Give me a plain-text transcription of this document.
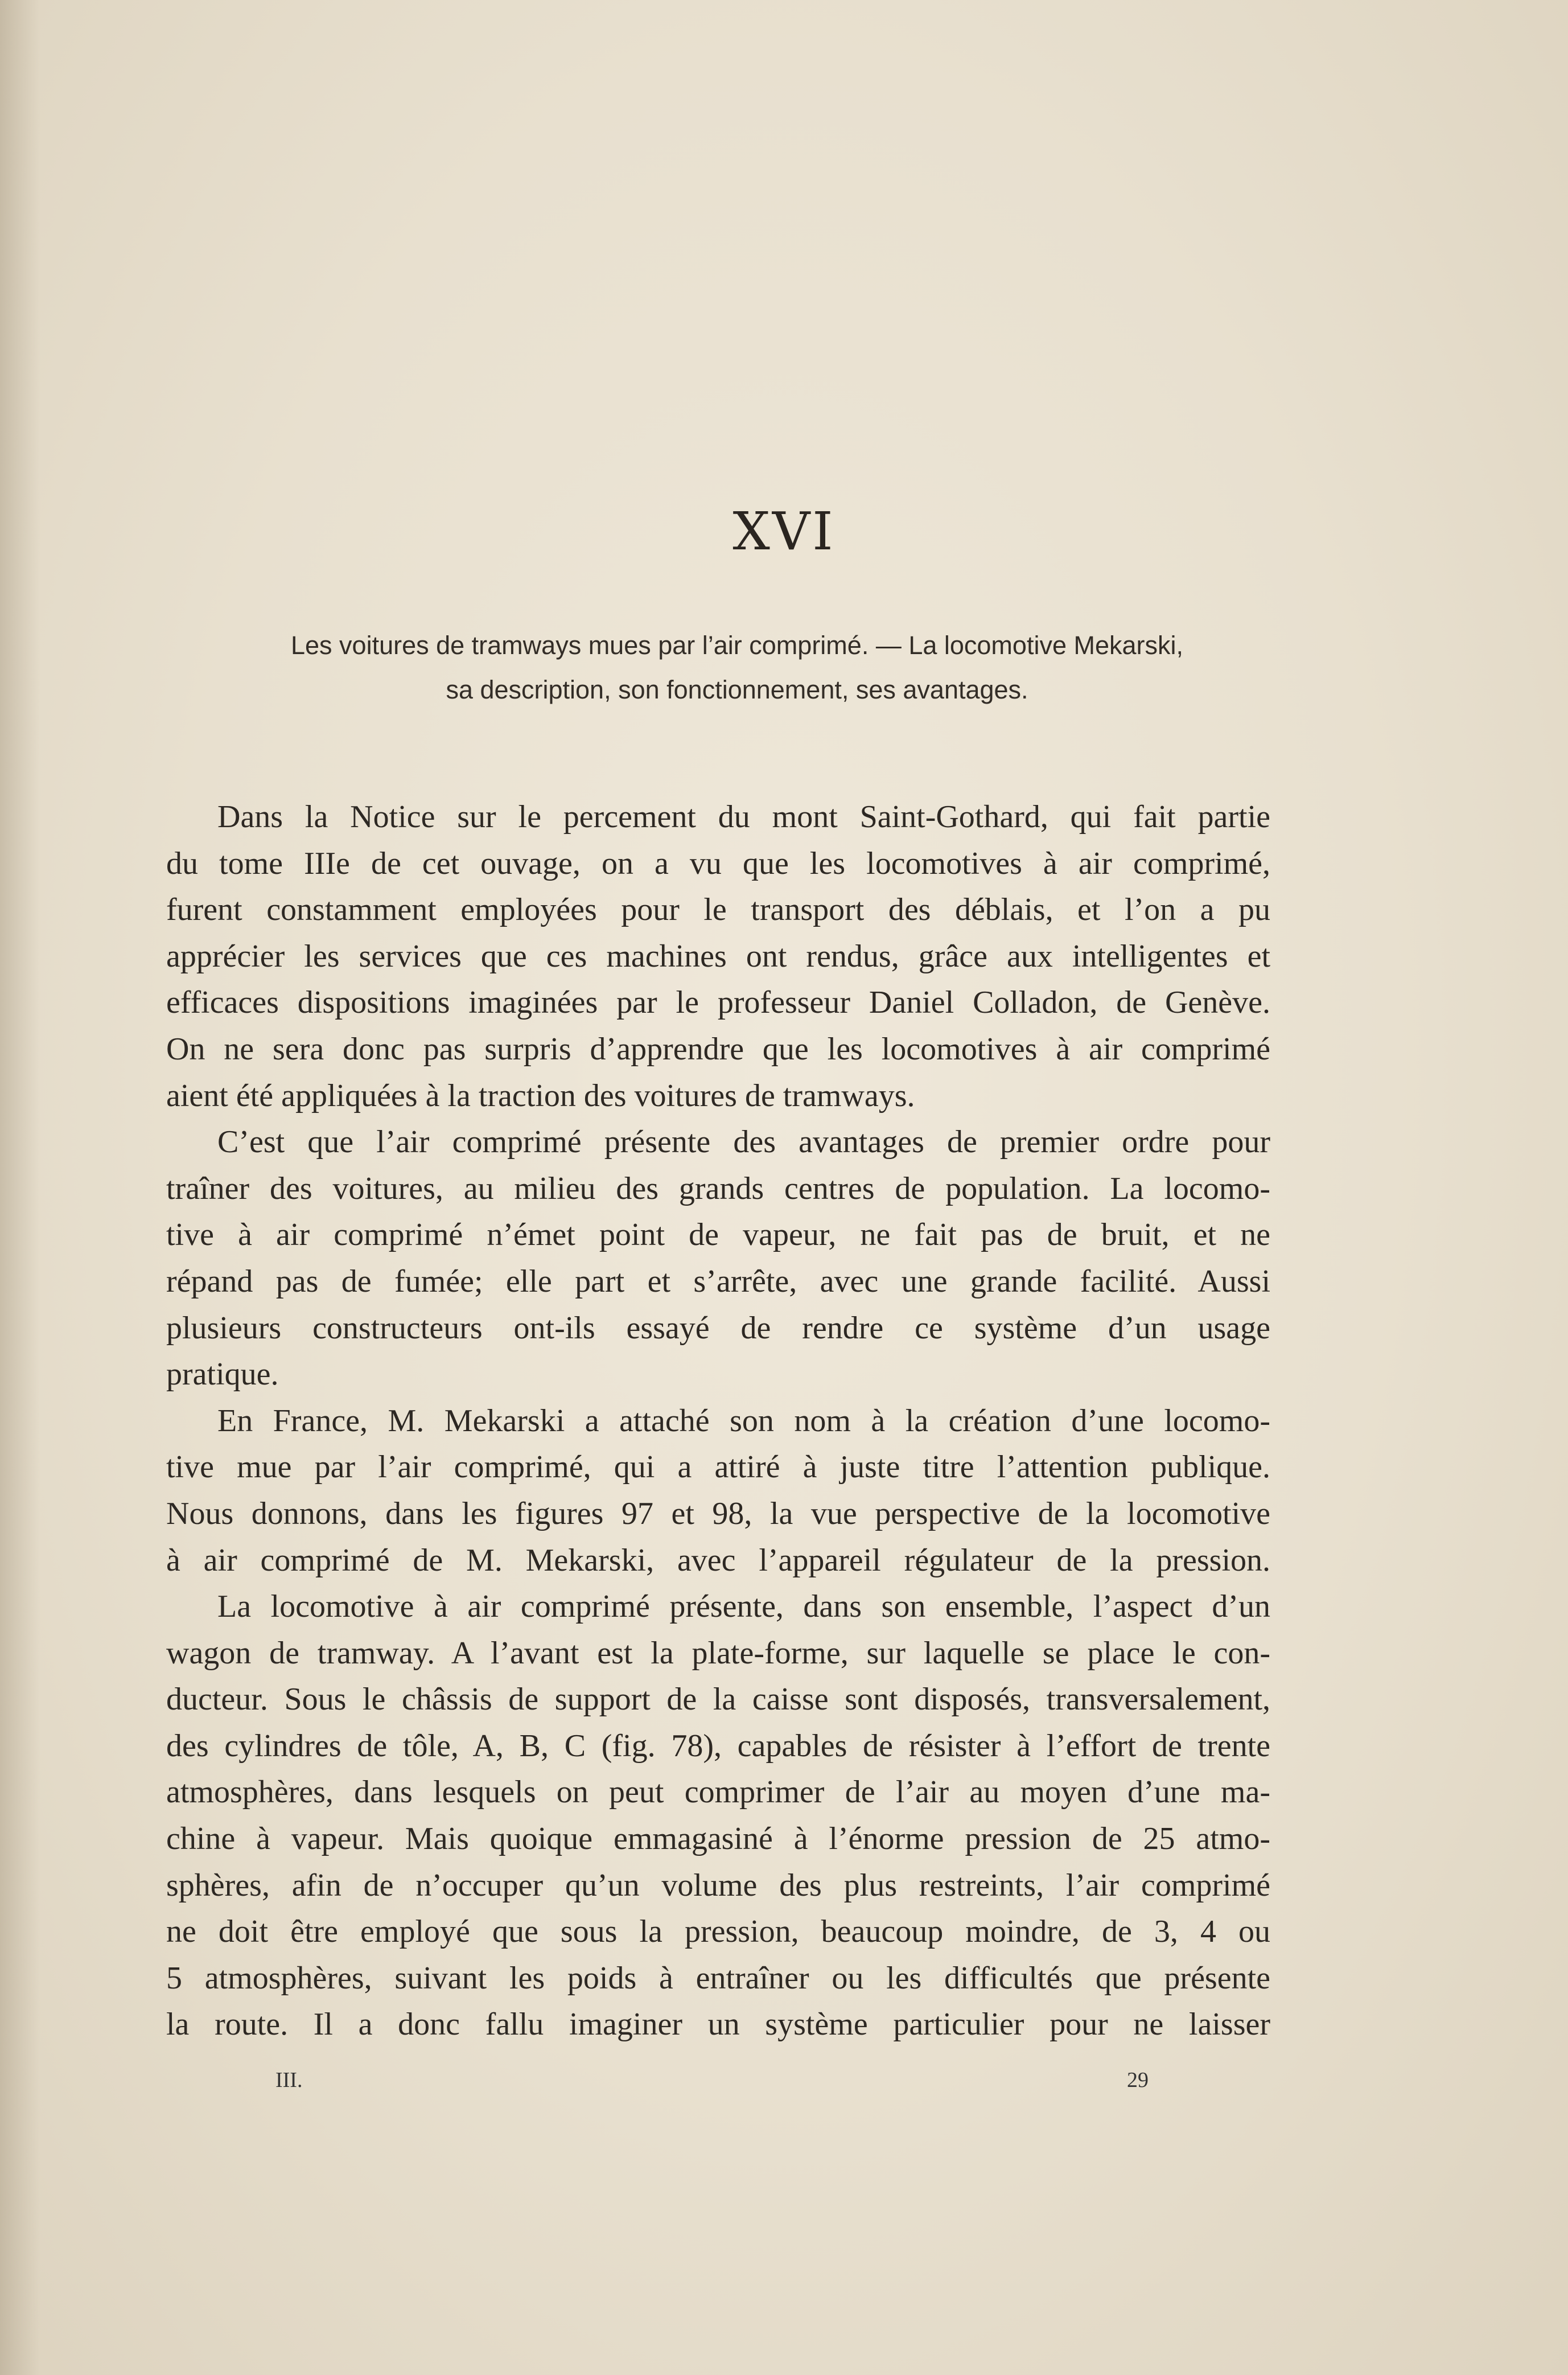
XVI
Les voitures de tramways mues par l’air comprimé. — La locomotive Mekarski,
sa description, son fonctionnement, ses avantages.
Dans la Notice sur le percement du mont Saint-Gothard, qui fait partie
du tome IIIe de cet ouvage, on a vu que les locomotives à air comprimé,
furent constamment employées pour le transport des déblais, et l’on a pu
apprécier les services que ces machines ont rendus, grâce aux intelligentes et
efficaces dispositions imaginées par le professeur Daniel Colladon, de Genève.
On ne sera donc pas surpris d’apprendre que les locomotives à air comprimé
aient été appliquées à la traction des voitures de tramways.
C’est que l’air comprimé présente des avantages de premier ordre pour
traîner des voitures, au milieu des grands centres de population. La locomo-
tive à air comprimé n’émet point de vapeur, ne fait pas de bruit, et ne
répand pas de fumée; elle part et s’arrête, avec une grande facilité. Aussi
plusieurs constructeurs ont-ils essayé de rendre ce système d’un usage
pratique.
En France, M. Mekarski a attaché son nom à la création d’une locomo-
tive mue par l’air comprimé, qui a attiré à juste titre l’attention publique.
Nous donnons, dans les figures 97 et 98, la vue perspective de la locomotive
à air comprimé de M. Mekarski, avec l’appareil régulateur de la pression.
La locomotive à air comprimé présente, dans son ensemble, l’aspect d’un
wagon de tramway. A l’avant est la plate-forme, sur laquelle se place le con-
ducteur. Sous le châssis de support de la caisse sont disposés, transversalement,
des cylindres de tôle, A, B, C (fig. 78), capables de résister à l’effort de trente
atmosphères, dans lesquels on peut comprimer de l’air au moyen d’une ma-
chine à vapeur. Mais quoique emmagasiné à l’énorme pression de 25 atmo-
sphères, afin de n’occuper qu’un volume des plus restreints, l’air comprimé
ne doit être employé que sous la pression, beaucoup moindre, de 3, 4 ou
5 atmosphères, suivant les poids à entraîner ou les difficultés que présente
la route. Il a donc fallu imaginer un système particulier pour ne laisser
III.	29
